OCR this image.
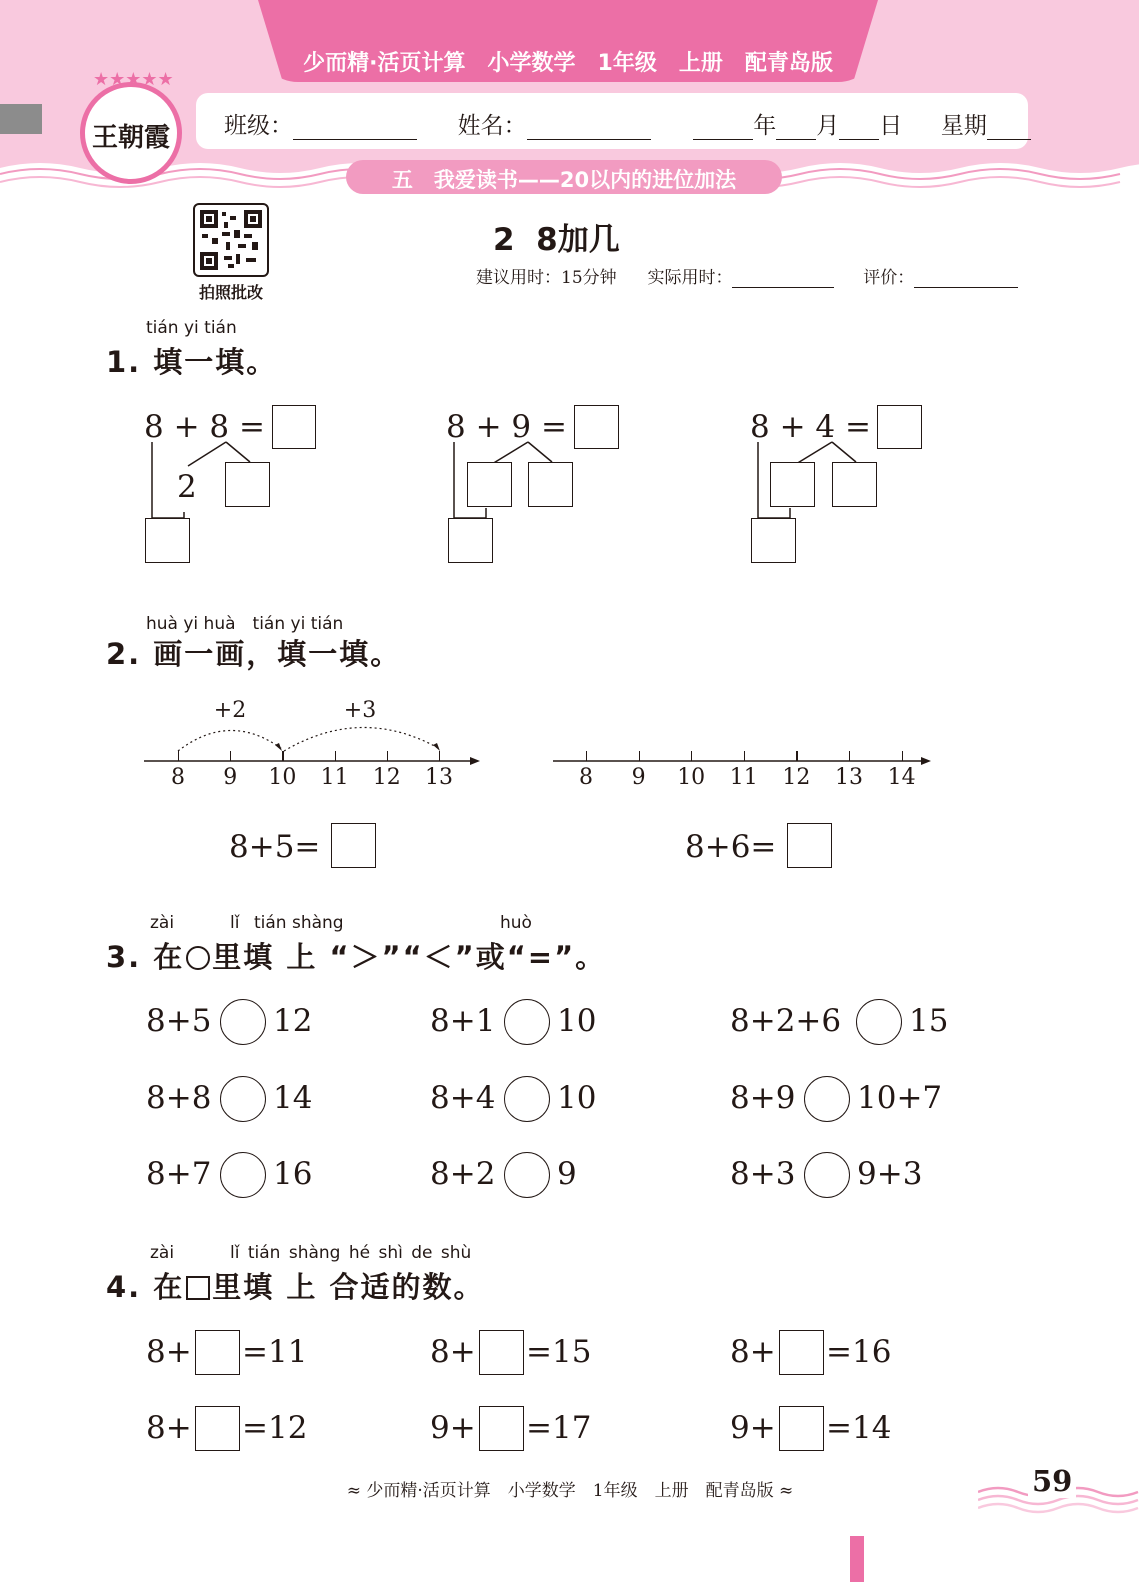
少而精·活页计算　小学数学　1年级　上册　配青岛版
★★★★★
王朝霞	班级：	姓名：	年 月 日 星期
五　我爱读书——20以内的进位加法
拍照批改
2  8加几
建议用时：15分钟 实际用时：	评价：
tián yi tián
1. 填一填。
8 + 8 =
2
8 + 9 =	8 + 4 =
huà yi huà　tián yi tián
2. 画一画，填一填。
+2	+3
8 9 10 11 12 13
8+5=
8 9 10 11 12 13 14
8+6=
zài	lǐ tián shàng	huò
3. 在 里填 上 “＞”“＜”或“=”。
8+5 12	8+1 10	8+2+6 15
8+8 14	8+4 10	8+9 10+7
8+7 16	8+2 9	8+3 9+3
zài	lǐ tián shàng hé shì de shù
4. 在 里填 上 合适的数。
8+ =11	8+ =15	8+ =16
8+ =12	9+ =17	9+ =14
≈ 少而精·活页计算　小学数学　1年级　上册　配青岛版 ≈	59
